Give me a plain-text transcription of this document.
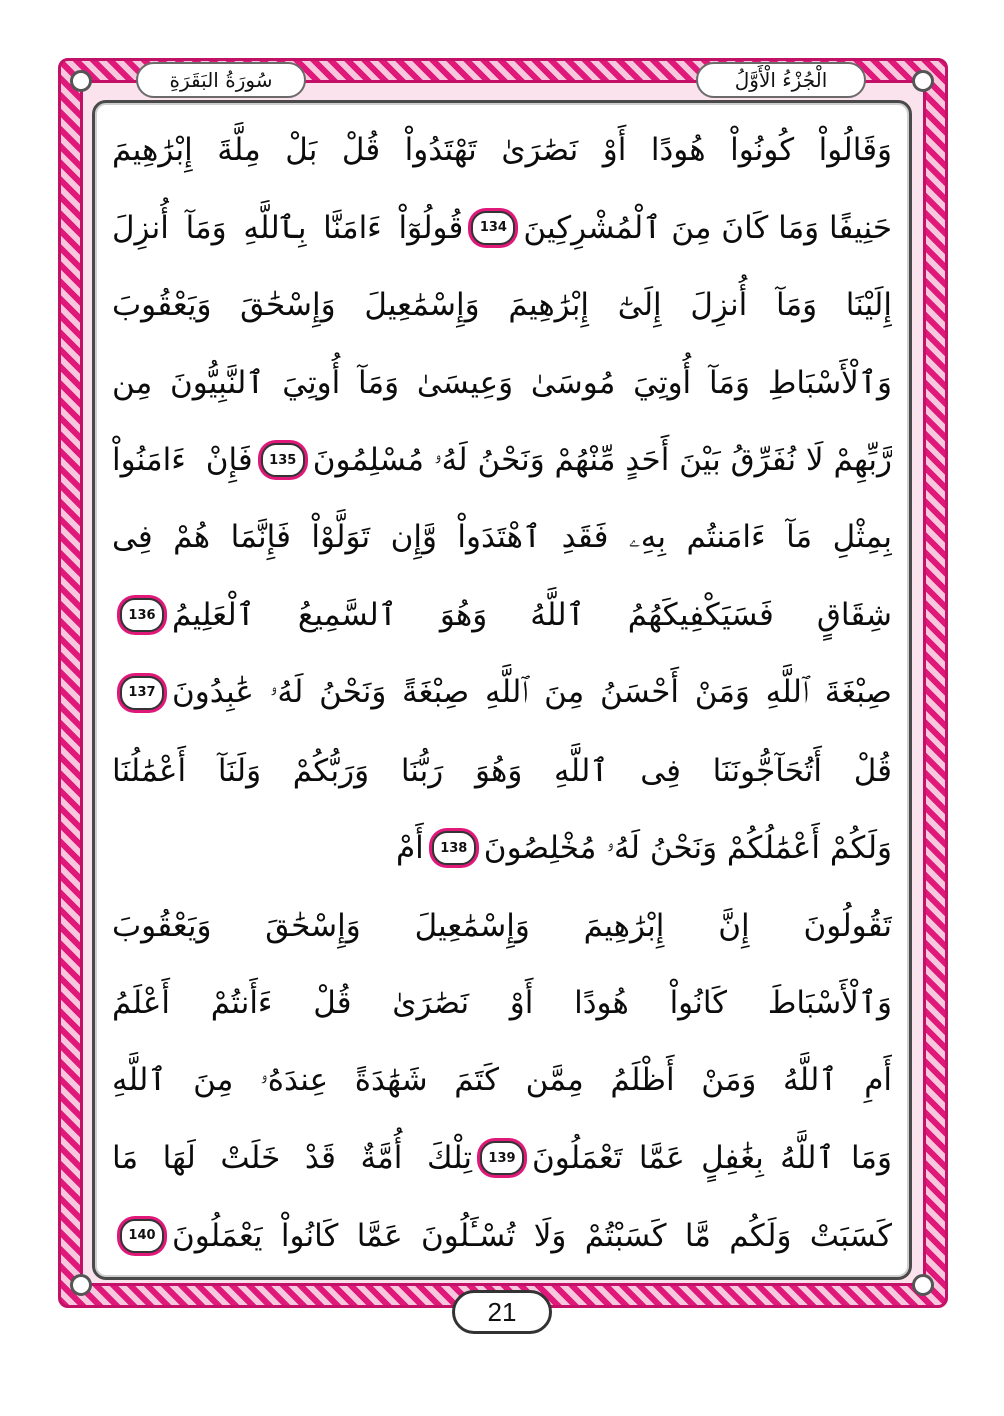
الْجُزْءُ الْأَوَّلُ
سُورَةُ البَقَرَةِ
وَقَالُواْ كُونُواْ هُودًا أَوْ نَصَٰرَىٰ تَهْتَدُواْ قُلْ بَلْ مِلَّةَ إِبْرَٰهِيمَ
حَنِيفًا وَمَا كَانَ مِنَ ٱلْمُشْرِكِينَ
134
قُولُوٓاْ ءَامَنَّا بِٱللَّهِ وَمَآ أُنزِلَ
إِلَيْنَا وَمَآ أُنزِلَ إِلَىٰٓ إِبْرَٰهِيمَ وَإِسْمَٰعِيلَ وَإِسْحَٰقَ وَيَعْقُوبَ
وَٱلْأَسْبَاطِ وَمَآ أُوتِيَ مُوسَىٰ وَعِيسَىٰ وَمَآ أُوتِيَ ٱلنَّبِيُّونَ مِن
رَّبِّهِمْ لَا نُفَرِّقُ بَيْنَ أَحَدٍ مِّنْهُمْ وَنَحْنُ لَهُۥ مُسْلِمُونَ
135
فَإِنْ ءَامَنُواْ
بِمِثْلِ مَآ ءَامَنتُم بِهِۦ فَقَدِ ٱهْتَدَواْ وَّإِن تَوَلَّوْاْ فَإِنَّمَا هُمْ فِى
شِقَاقٍ فَسَيَكْفِيكَهُمُ ٱللَّهُ وَهُوَ ٱلسَّمِيعُ ٱلْعَلِيمُ
136
صِبْغَةَ ٱللَّهِ وَمَنْ أَحْسَنُ مِنَ ٱللَّهِ صِبْغَةً وَنَحْنُ لَهُۥ عَٰبِدُونَ
137
قُلْ أَتُحَآجُّونَنَا فِى ٱللَّهِ وَهُوَ رَبُّنَا وَرَبُّكُمْ وَلَنَآ أَعْمَٰلُنَا
وَلَكُمْ أَعْمَٰلُكُمْ وَنَحْنُ لَهُۥ مُخْلِصُونَ
138
أَمْ
تَقُولُونَ إِنَّ إِبْرَٰهِيمَ وَإِسْمَٰعِيلَ وَإِسْحَٰقَ وَيَعْقُوبَ
وَٱلْأَسْبَاطَ كَانُواْ هُودًا أَوْ نَصَٰرَىٰ قُلْ ءَأَنتُمْ أَعْلَمُ
أَمِ ٱللَّهُ وَمَنْ أَظْلَمُ مِمَّن كَتَمَ شَهَٰدَةً عِندَهُۥ مِنَ ٱللَّهِ
وَمَا ٱللَّهُ بِغَٰفِلٍ عَمَّا تَعْمَلُونَ
139
تِلْكَ أُمَّةٌ قَدْ خَلَتْ لَهَا مَا
كَسَبَتْ وَلَكُم مَّا كَسَبْتُمْ وَلَا تُسْـَٔلُونَ عَمَّا كَانُواْ يَعْمَلُونَ
140
21
